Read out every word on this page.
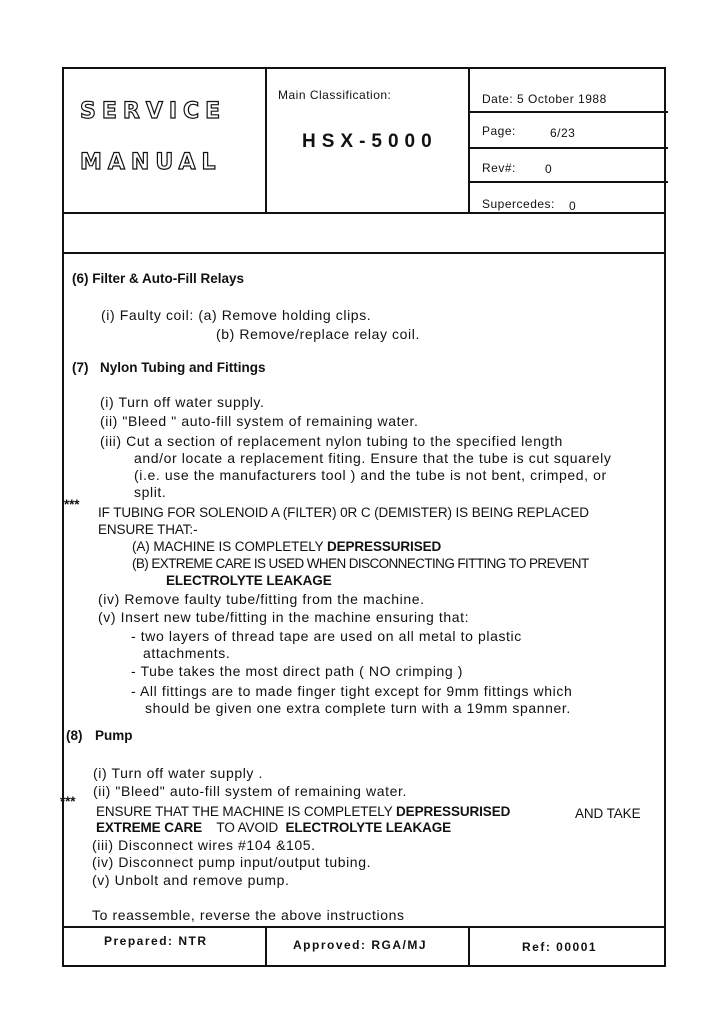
SERVICE
MANUAL
Main Classification:
HSX-5000
Date: 5 October 1988
Page:	6/23
Rev#: 0
Supercedes: 0
(6) Filter & Auto-Fill Relays
(i) Faulty coil: (a) Remove holding clips.
(b) Remove/replace relay coil.
(7) Nylon Tubing and Fittings
(i) Turn off water supply.
(ii) "Bleed " auto-fill system of remaining water.
(iii) Cut a section of replacement nylon tubing to the specified length
and/or locate a replacement fiting. Ensure that the tube is cut squarely
(i.e. use the manufacturers tool ) and the tube is not bent, crimped, or
split.
***
IF TUBING FOR SOLENOID A (FILTER) 0R C (DEMISTER) IS BEING REPLACED
ENSURE THAT:-
(A) MACHINE IS COMPLETELY DEPRESSURISED
(B) EXTREME CARE IS USED WHEN DISCONNECTING FITTING TO PREVENT
ELECTROLYTE LEAKAGE
(iv) Remove faulty tube/fitting from the machine.
(v) Insert new tube/fitting in the machine ensuring that:
- two layers of thread tape are used on all metal to plastic
attachments.
- Tube takes the most direct path ( NO crimping )
- All fittings are to made finger tight except for 9mm fittings which
should be given one extra complete turn with a 19mm spanner.
(8) Pump
(i) Turn off water supply .
(ii) "Bleed" auto-fill system of remaining water.
***
ENSURE THAT THE MACHINE IS COMPLETELY DEPRESSURISED	AND TAKE
EXTREME CARE TO AVOID ELECTROLYTE LEAKAGE
(iii) Disconnect wires #104 &105.
(iv) Disconnect pump input/output tubing.
(v) Unbolt and remove pump.
To reassemble, reverse the above instructions
Prepared: NTR	Approved: RGA/MJ	Ref: 00001
